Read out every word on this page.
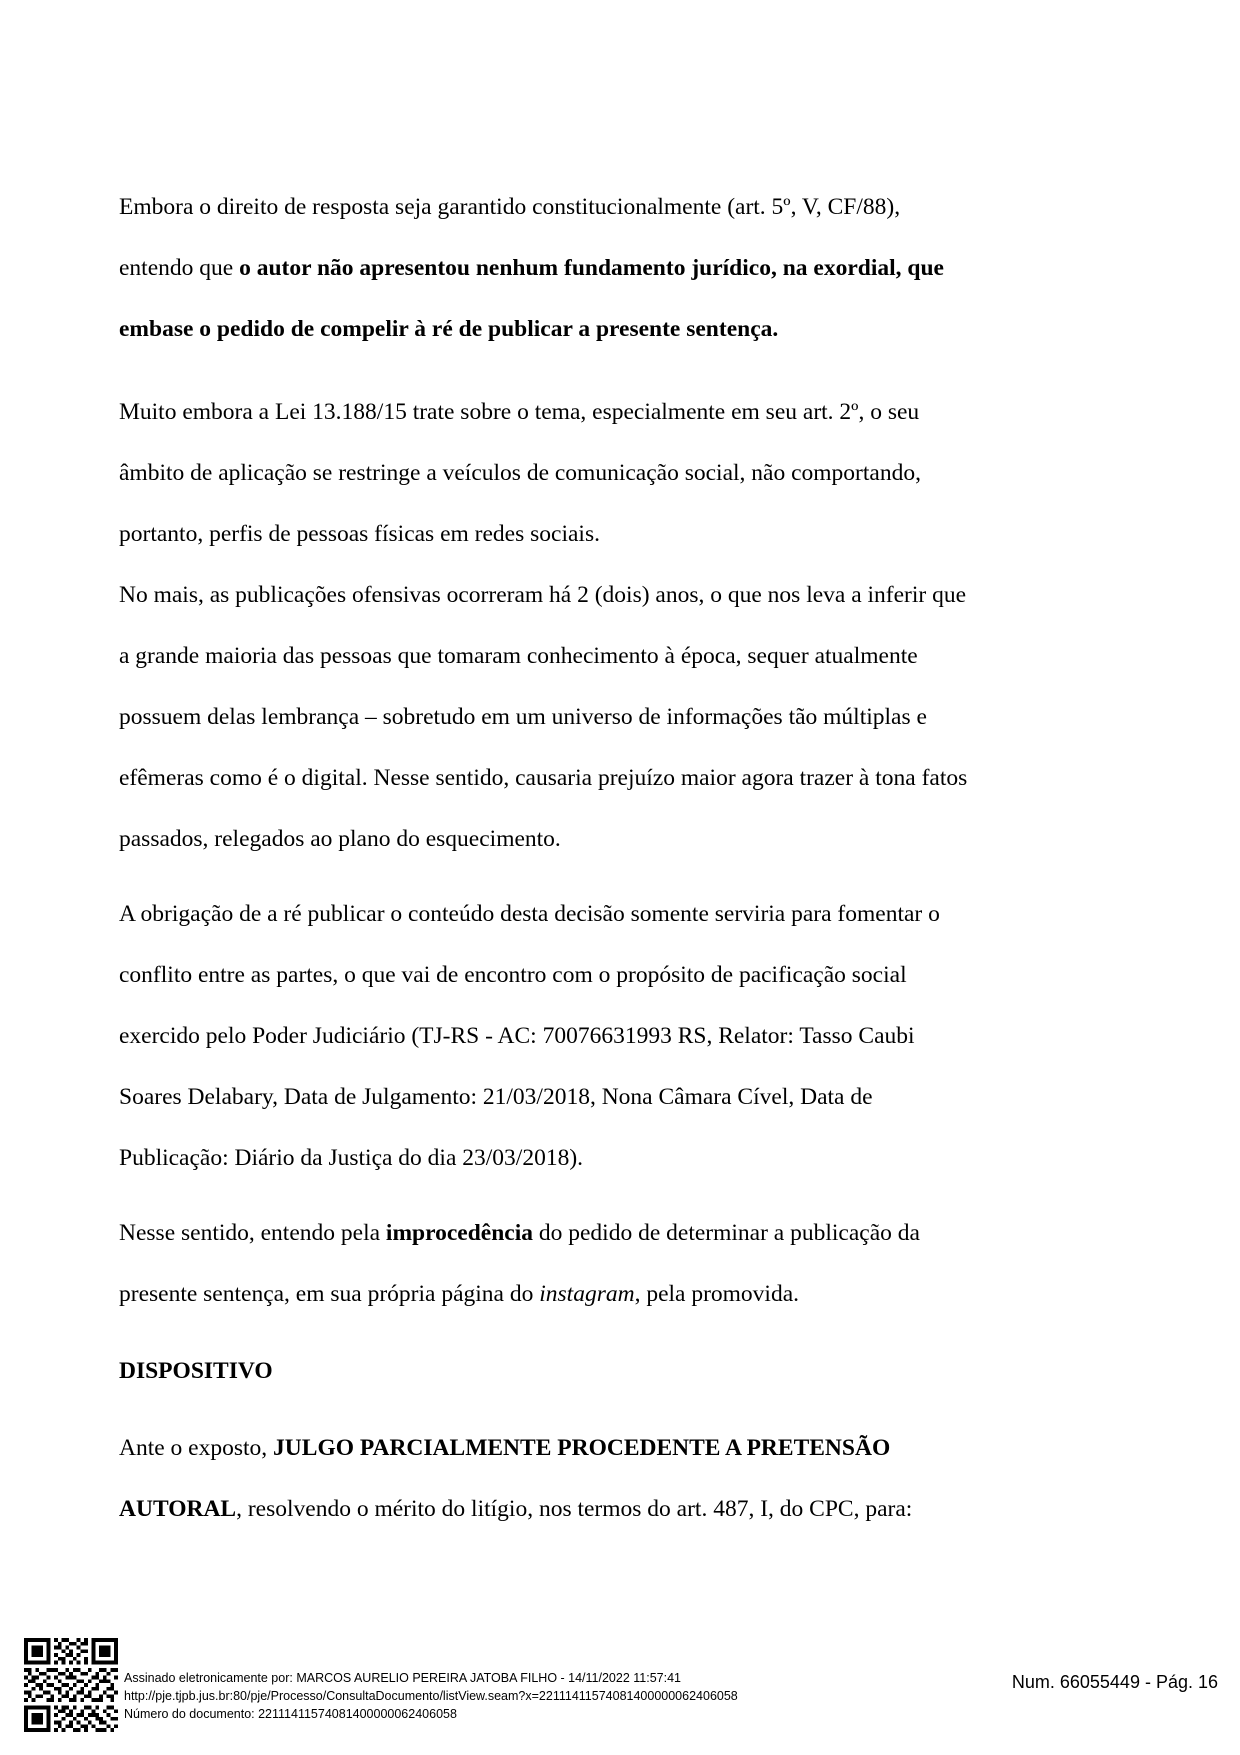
Embora o direito de resposta seja garantido constitucionalmente (art. 5º, V, CF/88),
entendo que o autor não apresentou nenhum fundamento jurídico, na exordial, que
embase o pedido de compelir à ré de publicar a presente sentença.
Muito embora a Lei 13.188/15 trate sobre o tema, especialmente em seu art. 2º, o seu
âmbito de aplicação se restringe a veículos de comunicação social, não comportando,
portanto, perfis de pessoas físicas em redes sociais.
No mais, as publicações ofensivas ocorreram há 2 (dois) anos, o que nos leva a inferir que
a grande maioria das pessoas que tomaram conhecimento à época, sequer atualmente
possuem delas lembrança – sobretudo em um universo de informações tão múltiplas e
efêmeras como é o digital. Nesse sentido, causaria prejuízo maior agora trazer à tona fatos
passados, relegados ao plano do esquecimento.
A obrigação de a ré publicar o conteúdo desta decisão somente serviria para fomentar o
conflito entre as partes, o que vai de encontro com o propósito de pacificação social
exercido pelo Poder Judiciário (TJ-RS - AC: 70076631993 RS, Relator: Tasso Caubi
Soares Delabary, Data de Julgamento: 21/03/2018, Nona Câmara Cível, Data de
Publicação: Diário da Justiça do dia 23/03/2018).
Nesse sentido, entendo pela improcedência do pedido de determinar a publicação da
presente sentença, em sua própria página do instagram, pela promovida.
DISPOSITIVO
Ante o exposto, JULGO PARCIALMENTE PROCEDENTE A PRETENSÃO
AUTORAL, resolvendo o mérito do litígio, nos termos do art. 487, I, do CPC, para:
Assinado eletronicamente por: MARCOS AURELIO PEREIRA JATOBA FILHO - 14/11/2022 11:57:41
http://pje.tjpb.jus.br:80/pje/Processo/ConsultaDocumento/listView.seam?x=22111411574081400000062406058
Número do documento: 22111411574081400000062406058
Num. 66055449 - Pág. 16
